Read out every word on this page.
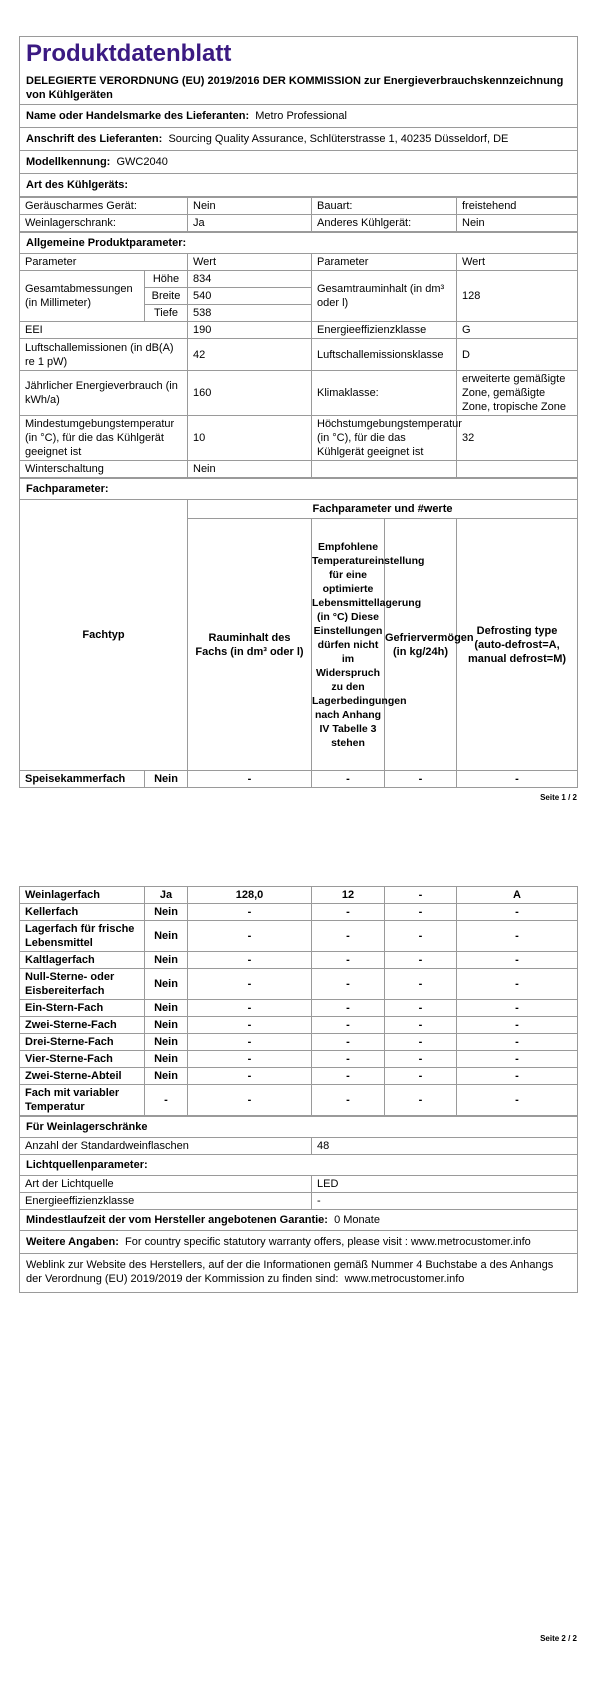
Produktdatenblatt
DELEGIERTE VERORDNUNG (EU) 2019/2016 DER KOMMISSION zur Energieverbrauchskennzeichnung von Kühlgeräten

Name oder Handelsmarke des Lieferanten: Metro Professional
Anschrift des Lieferanten: Sourcing Quality Assurance, Schlüterstrasse 1, 40235 Düsseldorf, DE
Modellkennung: GWC2040
Art des Kühlgeräts:
Geräuscharmes Gerät:	Nein	Bauart:	freistehend
Weinlagerschrank:	Ja	Anderes Kühlgerät:	Nein
Allgemeine Produktparameter:				
Parameter		Wert	Parameter	Wert
Gesamtabmessungen (in Millimeter)	Höhe	834	Gesamtrauminhalt (in dm³ oder l)	128
	Breite	540		
	Tiefe	538		
EEI		190	Energieeffizienzklasse	G
Luftschallemissionen (in dB(A) re 1 pW)		42	Luftschallemissionsklasse	D
Jährlicher Energieverbrauch (in kWh/a)		160	Klimaklasse:	erweiterte gemäßigte Zone, gemäßigte Zone, tropische Zone
Mindestumgebungstemperatur (in °C), für die das Kühlgerät geeignet ist		10	Höchstumgebungstemperatur (in °C), für die das Kühlgerät geeignet ist	32
Winterschaltung		Nein		
Fachparameter:					
Fachtyp		Fachparameter und #werte			
		Rauminhalt des Fachs (in dm³ oder l)	Empfohlene Temperatureinstellung für eine optimierte Lebensmittellagerung (in °C) Diese Einstellungen dürfen nicht im Widerspruch zu den Lagerbedingungen nach Anhang IV Tabelle 3 stehen	Gefriervermögen (in kg/24h)	Defrosting type (auto-defrost=A, manual defrost=M)
Speisekammerfach	Nein	-	-	-	-
Seite 1 / 2
Weinlagerfach	Ja	128,0	12	-	A
Kellerfach	Nein	-	-	-	-
Lagerfach für frische Lebensmittel	Nein	-	-	-	-
Kaltlagerfach	Nein	-	-	-	-
Null-Sterne- oder Eisbereiterfach	Nein	-	-	-	-
Ein-Stern-Fach	Nein	-	-	-	-
Zwei-Sterne-Fach	Nein	-	-	-	-
Drei-Sterne-Fach	Nein	-	-	-	-
Vier-Sterne-Fach	Nein	-	-	-	-
Zwei-Sterne-Abteil	Nein	-	-	-	-
Fach mit variabler Temperatur	-	-	-	-	-
Für Weinlagerschränke	
Anzahl der Standardweinflaschen	48
Lichtquellenparameter:	
Art der Lichtquelle	LED
Energieeffizienzklasse	-
Mindestlaufzeit der vom Hersteller angebotenen Garantie: 0 Monate	
Weitere Angaben: For country specific statutory warranty offers, please visit : www.metrocustomer.info	
Weblink zur Website des Herstellers, auf der die Informationen gemäß Nummer 4 Buchstabe a des Anhangs der Verordnung (EU) 2019/2019 der Kommission zu finden sind: www.metrocustomer.info	
Seite 2 / 2
